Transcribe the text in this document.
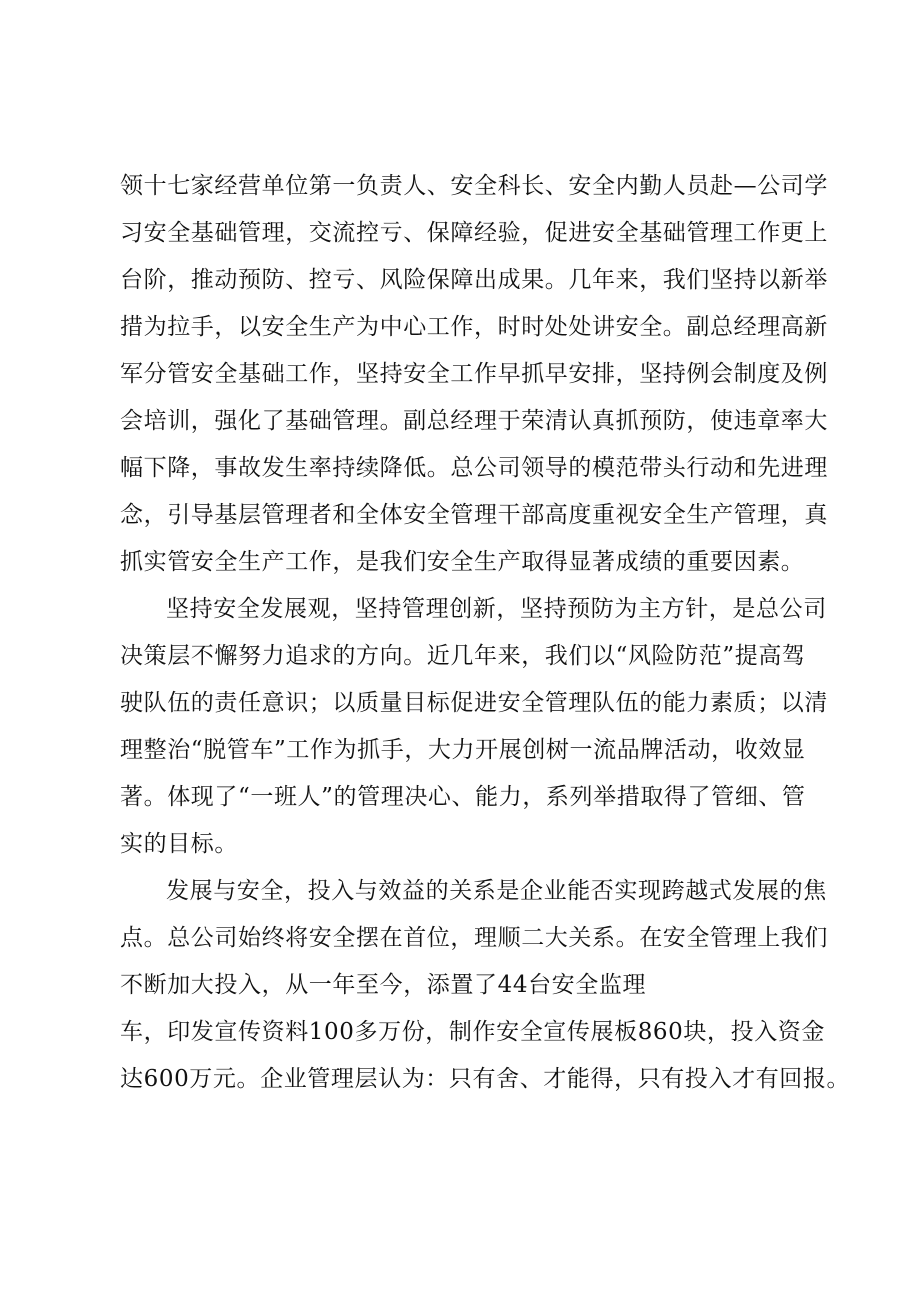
领十七家经营单位第一负责人、安全科长、安全内勤人员赴—公司学
习安全基础管理，交流控亏、保障经验，促进安全基础管理工作更上
台阶，推动预防、控亏、风险保障出成果。几年来，我们坚持以新举
措为拉手，以安全生产为中心工作，时时处处讲安全。副总经理高新
军分管安全基础工作，坚持安全工作早抓早安排，坚持例会制度及例
会培训，强化了基础管理。副总经理于荣清认真抓预防，使违章率大
幅下降，事故发生率持续降低。总公司领导的模范带头行动和先进理
念，引导基层管理者和全体安全管理干部高度重视安全生产管理，真
抓实管安全生产工作，是我们安全生产取得显著成绩的重要因素。
坚持安全发展观，坚持管理创新，坚持预防为主方针，是总公司
决策层不懈努力追求的方向。近几年来，我们以“风险防范”提高驾
驶队伍的责任意识；以质量目标促进安全管理队伍的能力素质；以清
理整治“脱管车”工作为抓手，大力开展创树一流品牌活动，收效显
著。体现了“一班人”的管理决心、能力，系列举措取得了管细、管
实的目标。
发展与安全，投入与效益的关系是企业能否实现跨越式发展的焦
点。总公司始终将安全摆在首位，理顺二大关系。在安全管理上我们
不断加大投入，从一年至今，添置了44台安全监理
车，印发宣传资料100多万份，制作安全宣传展板860块，投入资金
达600万元。企业管理层认为：只有舍、才能得，只有投入才有回报。
